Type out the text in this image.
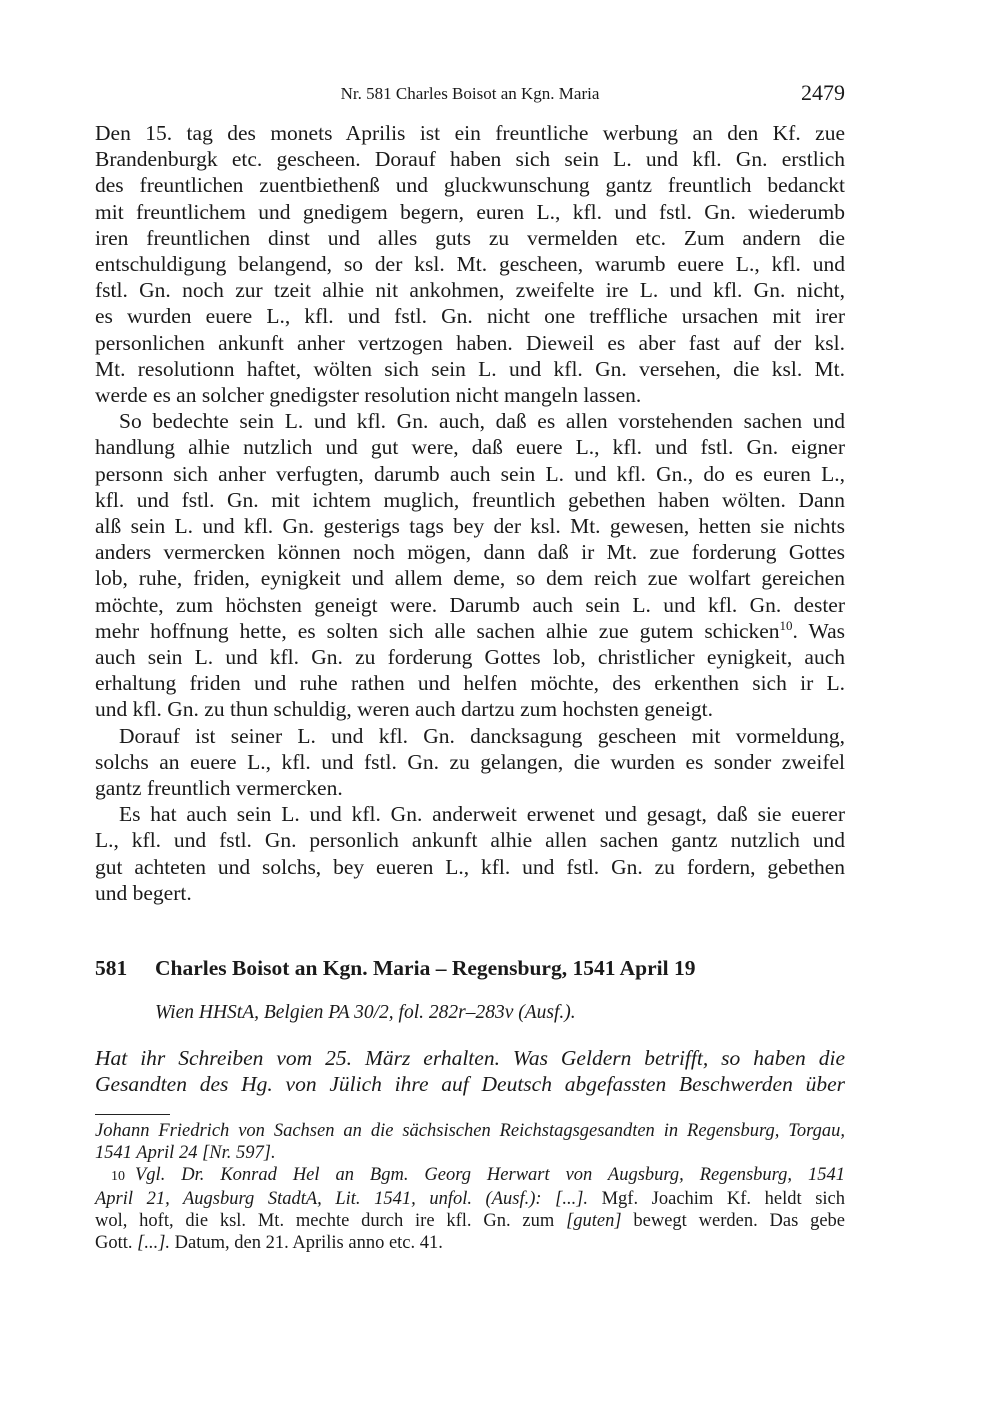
Nr. 581 Charles Boisot an Kgn. Maria	2479
Den 15. tag des monets Aprilis ist ein freuntliche werbung an den Kf. zue
Brandenburgk etc. gescheen. Dorauf haben sich sein L. und kfl. Gn. erstlich
des freuntlichen zuentbiethenß und gluckwunschung gantz freuntlich bedanckt
mit freuntlichem und gnedigem begern, euren L., kfl. und fstl. Gn. wiederumb
iren freuntlichen dinst und alles guts zu vermelden etc. Zum andern die
entschuldigung belangend, so der ksl. Mt. gescheen, warumb euere L., kfl. und
fstl. Gn. noch zur tzeit alhie nit ankohmen, zweifelte ire L. und kfl. Gn. nicht,
es wurden euere L., kfl. und fstl. Gn. nicht one treffliche ursachen mit irer
personlichen ankunft anher vertzogen haben. Dieweil es aber fast auf der ksl.
Mt. resolutionn haftet, wölten sich sein L. und kfl. Gn. versehen, die ksl. Mt.
werde es an solcher gnedigster resolution nicht mangeln lassen.
So bedechte sein L. und kfl. Gn. auch, daß es allen vorstehenden sachen und
handlung alhie nutzlich und gut were, daß euere L., kfl. und fstl. Gn. eigner
personn sich anher verfugten, darumb auch sein L. und kfl. Gn., do es euren L.,
kfl. und fstl. Gn. mit ichtem muglich, freuntlich gebethen haben wölten. Dann
alß sein L. und kfl. Gn. gesterigs tags bey der ksl. Mt. gewesen, hetten sie nichts
anders vermercken können noch mögen, dann daß ir Mt. zue forderung Gottes
lob, ruhe, friden, eynigkeit und allem deme, so dem reich zue wolfart gereichen
möchte, zum höchsten geneigt were. Darumb auch sein L. und kfl. Gn. dester
mehr hoffnung hette, es solten sich alle sachen alhie zue gutem schicken$^{10}$. Was
auch sein L. und kfl. Gn. zu forderung Gottes lob, christlicher eynigkeit, auch
erhaltung friden und ruhe rathen und helfen möchte, des erkenthen sich ir L.
und kfl. Gn. zu thun schuldig, weren auch dartzu zum hochsten geneigt.
Dorauf ist seiner L. und kfl. Gn. dancksagung gescheen mit vormeldung,
solchs an euere L., kfl. und fstl. Gn. zu gelangen, die wurden es sonder zweifel
gantz freuntlich vermercken.
Es hat auch sein L. und kfl. Gn. anderweit erwenet und gesagt, daß sie euerer
L., kfl. und fstl. Gn. personlich ankunft alhie allen sachen gantz nutzlich und
gut achteten und solchs, bey eueren L., kfl. und fstl. Gn. zu fordern, gebethen
und begert.
581 Charles Boisot an Kgn. Maria – Regensburg, 1541 April 19
Wien HHStA, Belgien PA 30/2, fol. 282r–283v (Ausf.).
Hat ihr Schreiben vom 25. März erhalten. Was Geldern betrifft, so haben die
Gesandten des Hg. von Jülich ihre auf Deutsch abgefassten Beschwerden über
Johann Friedrich von Sachsen an die sächsischen Reichstagsgesandten in Regensburg, Torgau,
1541 April 24 [Nr. 597].
10 Vgl. Dr. Konrad Hel an Bgm. Georg Herwart von Augsburg, Regensburg, 1541
April 21, Augsburg StadtA, Lit. 1541, unfol. (Ausf.): [...]. Mgf. Joachim Kf. heldt sich
wol, hoft, die ksl. Mt. mechte durch ire kfl. Gn. zum [guten] bewegt werden. Das gebe
Gott. [...]. Datum, den 21. Aprilis anno etc. 41.
